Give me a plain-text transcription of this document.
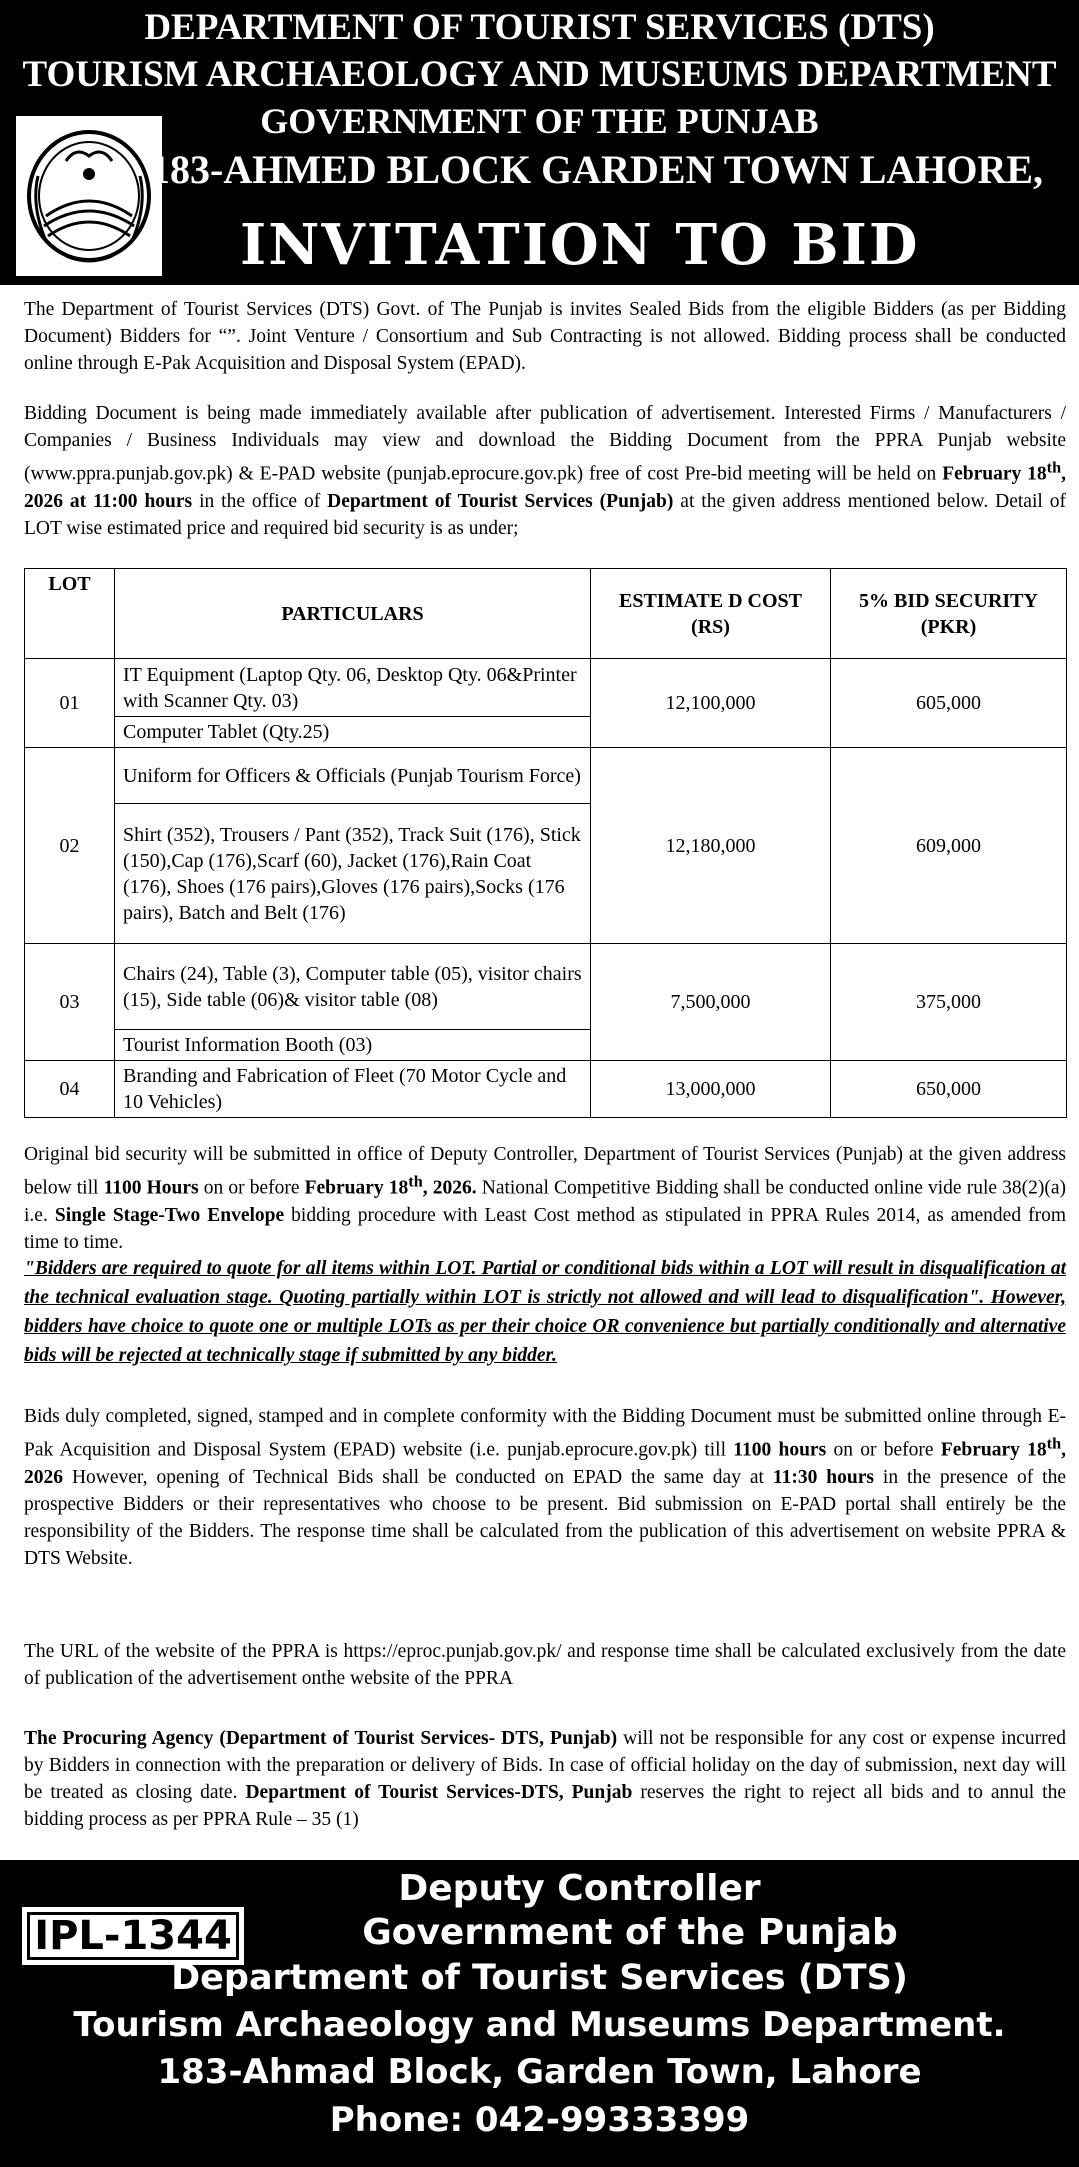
DEPARTMENT OF TOURIST SERVICES (DTS)
TOURISM ARCHAEOLOGY AND MUSEUMS DEPARTMENT
GOVERNMENT OF THE PUNJAB
183-AHMED BLOCK GARDEN TOWN LAHORE,
INVITATION TO BID
The Department of Tourist Services (DTS) Govt. of The Punjab is invites Sealed Bids from the eligible Bidders (as per Bidding Document) Bidders for “”. Joint Venture / Consortium and Sub Contracting is not allowed. Bidding process shall be conducted online through E-Pak Acquisition and Disposal System (EPAD).
Bidding Document is being made immediately available after publication of advertisement. Interested Firms / Manufacturers / Companies / Business Individuals may view and download the Bidding Document from the PPRA Punjab website (www.ppra.punjab.gov.pk) & E-PAD website (punjab.eprocure.gov.pk) free of cost Pre-bid meeting will be held on February 18th, 2026 at 11:00 hours in the office of Department of Tourist Services (Punjab) at the given address mentioned below. Detail of LOT wise estimated price and required bid security is as under;
LOT	PARTICULARS	ESTIMATE D COST (RS)	5% BID SECURITY (PKR)
01	IT Equipment (Laptop Qty. 06, Desktop Qty. 06&Printer with Scanner Qty. 03)	12,100,000	605,000
	Computer Tablet (Qty.25)		
02	Uniform for Officers & Officials (Punjab Tourism Force)	12,180,000	609,000
	Shirt (352), Trousers / Pant (352), Track Suit (176), Stick (150),Cap (176),Scarf (60), Jacket (176),Rain Coat (176), Shoes (176 pairs),Gloves (176 pairs),Socks (176 pairs), Batch and Belt (176)		
03	Chairs (24), Table (3), Computer table (05), visitor chairs (15), Side table (06)& visitor table (08)	7,500,000	375,000
	Tourist Information Booth (03)		
04	Branding and Fabrication of Fleet (70 Motor Cycle and 10 Vehicles)	13,000,000	650,000
Original bid security will be submitted in office of Deputy Controller, Department of Tourist Services (Punjab) at the given address below till 1100 Hours on or before February 18th, 2026. National Competitive Bidding shall be conducted online vide rule 38(2)(a) i.e. Single Stage-Two Envelope bidding procedure with Least Cost method as stipulated in PPRA Rules 2014, as amended from time to time.
"Bidders are required to quote for all items within LOT. Partial or conditional bids within a LOT will result in disqualification at the technical evaluation stage. Quoting partially within LOT is strictly not allowed and will lead to disqualification". However, bidders have choice to quote one or multiple LOTs as per their choice OR convenience but partially conditionally and alternative bids will be rejected at technically stage if submitted by any bidder.
Bids duly completed, signed, stamped and in complete conformity with the Bidding Document must be submitted online through E-Pak Acquisition and Disposal System (EPAD) website (i.e. punjab.eprocure.gov.pk) till 1100 hours on or before February 18th, 2026 However, opening of Technical Bids shall be conducted on EPAD the same day at 11:30 hours in the presence of the prospective Bidders or their representatives who choose to be present. Bid submission on E-PAD portal shall entirely be the responsibility of the Bidders. The response time shall be calculated from the publication of this advertisement on website PPRA & DTS Website.
The URL of the website of the PPRA is https://eproc.punjab.gov.pk/ and response time shall be calculated exclusively from the date of publication of the advertisement onthe website of the PPRA
The Procuring Agency (Department of Tourist Services- DTS, Punjab) will not be responsible for any cost or expense incurred by Bidders in connection with the preparation or delivery of Bids. In case of official holiday on the day of submission, next day will be treated as closing date. Department of Tourist Services-DTS, Punjab reserves the right to reject all bids and to annul the bidding process as per PPRA Rule – 35 (1)
IPL-1344
Deputy Controller
Government of the Punjab
Department of Tourist Services (DTS)
Tourism Archaeology and Museums Department.
183-Ahmad Block, Garden Town, Lahore
Phone: 042-99333399
